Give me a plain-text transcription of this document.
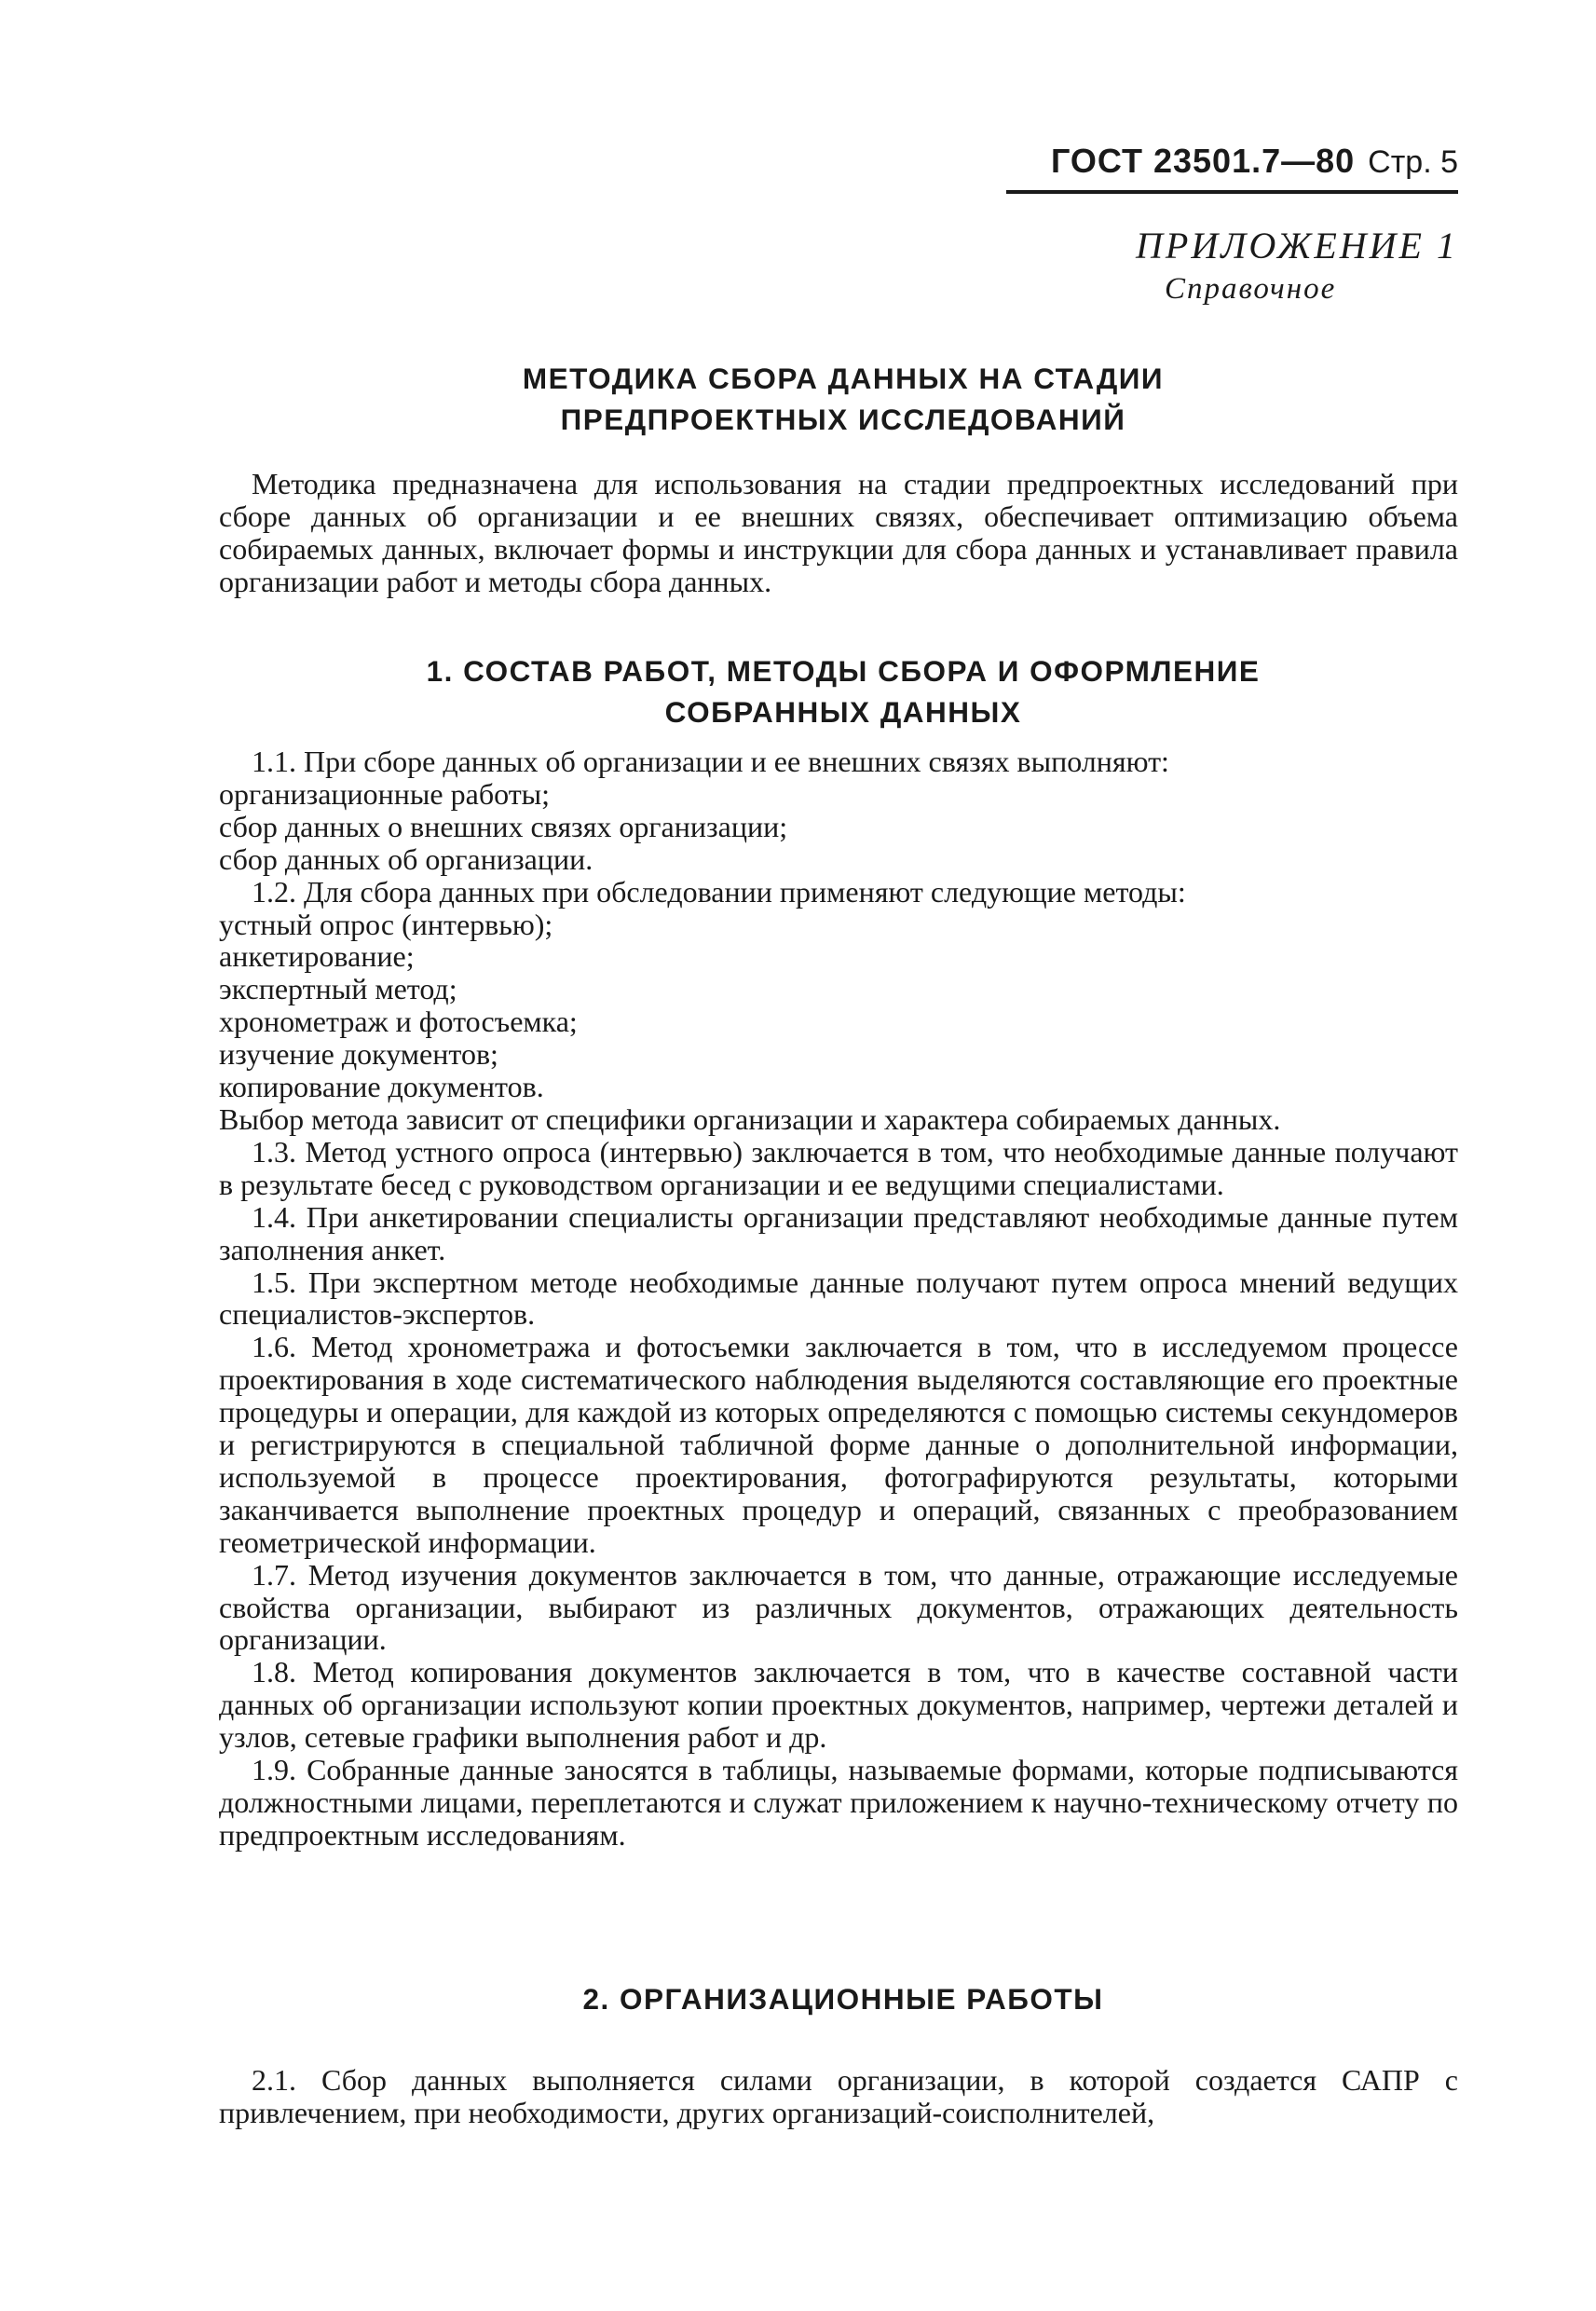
ГОСТ 23501.7—80 Стр. 5
ПРИЛОЖЕНИЕ 1
Справочное
МЕТОДИКА СБОРА ДАННЫХ НА СТАДИИ
ПРЕДПРОЕКТНЫХ ИССЛЕДОВАНИЙ

Методика предназначена для использования на стадии предпроектных исследований при сборе данных об организации и ее внешних связях, обеспечивает оптимизацию объема собираемых данных, включает формы и инструкции для сбора данных и устанавливает правила организации работ и методы сбора данных.

1. СОСТАВ РАБОТ, МЕТОДЫ СБОРА И ОФОРМЛЕНИЕ
СОБРАННЫХ ДАННЫХ

1.1. При сборе данных об организации и ее внешних связях выполняют:

организационные работы;

сбор данных о внешних связях организации;

сбор данных об организации.

1.2. Для сбора данных при обследовании применяют следующие методы:

устный опрос (интервью);

анкетирование;

экспертный метод;

хронометраж и фотосъемка;

изучение документов;

копирование документов.

Выбор метода зависит от специфики организации и характера собираемых данных.

1.3. Метод устного опроса (интервью) заключается в том, что необходимые данные получают в результате бесед с руководством организации и ее ведущими специалистами.

1.4. При анкетировании специалисты организации представляют необходимые данные путем заполнения анкет.

1.5. При экспертном методе необходимые данные получают путем опроса мнений ведущих специалистов-экспертов.

1.6. Метод хронометража и фотосъемки заключается в том, что в исследуемом процессе проектирования в ходе систематического наблюдения выделяются составляющие его проектные процедуры и операции, для каждой из которых определяются с помощью системы секундомеров и регистрируются в специальной табличной форме данные о дополнительной информации, используемой в процессе проектирования, фотографируются результаты, которыми заканчивается выполнение проектных процедур и операций, связанных с преобразованием геометрической информации.

1.7. Метод изучения документов заключается в том, что данные, отражающие исследуемые свойства организации, выбирают из различных документов, отражающих деятельность организации.

1.8. Метод копирования документов заключается в том, что в качестве составной части данных об организации используют копии проектных документов, например, чертежи деталей и узлов, сетевые графики выполнения работ и др.

1.9. Собранные данные заносятся в таблицы, называемые формами, которые подписываются должностными лицами, переплетаются и служат приложением к научно-техническому отчету по предпроектным исследованиям.

2. ОРГАНИЗАЦИОННЫЕ РАБОТЫ

2.1. Сбор данных выполняется силами организации, в которой создается САПР с привлечением, при необходимости, других организаций-соисполнителей,
